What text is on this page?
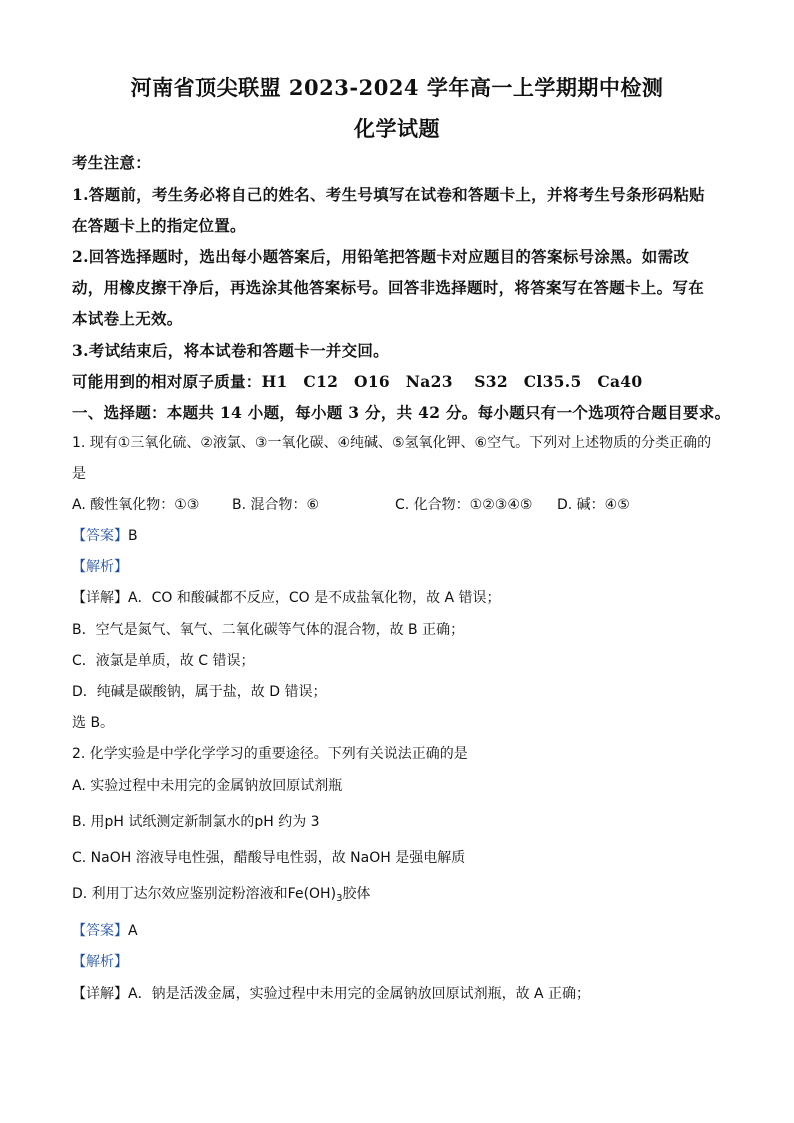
河南省顶尖联盟 2023-2024 学年高一上学期期中检测
化学试题
考生注意：
1.答题前，考生务必将自己的姓名、考生号填写在试卷和答题卡上，并将考生号条形码粘贴
在答题卡上的指定位置。
2.回答选择题时，选出每小题答案后，用铅笔把答题卡对应题目的答案标号涂黑。如需改
动，用橡皮擦干净后，再选涂其他答案标号。回答非选择题时，将答案写在答题卡上。写在
本试卷上无效。
3.考试结束后，将本试卷和答题卡一并交回。
可能用到的相对原子质量：H1　C12　O16　Na23　 S32　Cl35.5　Ca40
一、选择题：本题共 14 小题，每小题 3 分，共 42 分。每小题只有一个选项符合题目要求。
1. 现有①三氧化硫、②液氯、③一氧化碳、④纯碱、⑤氢氧化钾、⑥空气。下列对上述物质的分类正确的
是
A. 酸性氧化物：①③ B. 混合物：⑥	C. 化合物：①②③④⑤ D. 碱：④⑤
【答案】B
【解析】
【详解】A．CO 和酸碱都不反应，CO 是不成盐氧化物，故 A 错误；
B．空气是氮气、氧气、二氧化碳等气体的混合物，故 B 正确；
C．液氯是单质，故 C 错误；
D．纯碱是碳酸钠，属于盐，故 D 错误；
选 B。
2. 化学实验是中学化学学习的重要途径。下列有关说法正确的是
A. 实验过程中未用完的金属钠放回原试剂瓶
B. 用pH 试纸测定新制氯水的pH 约为 3
C. NaOH 溶液导电性强，醋酸导电性弱，故 NaOH 是强电解质
D. 利用丁达尔效应鉴别淀粉溶液和$Fe(OH)_3$胶体
【答案】A
【解析】
【详解】A．钠是活泼金属，实验过程中未用完的金属钠放回原试剂瓶，故 A 正确；
